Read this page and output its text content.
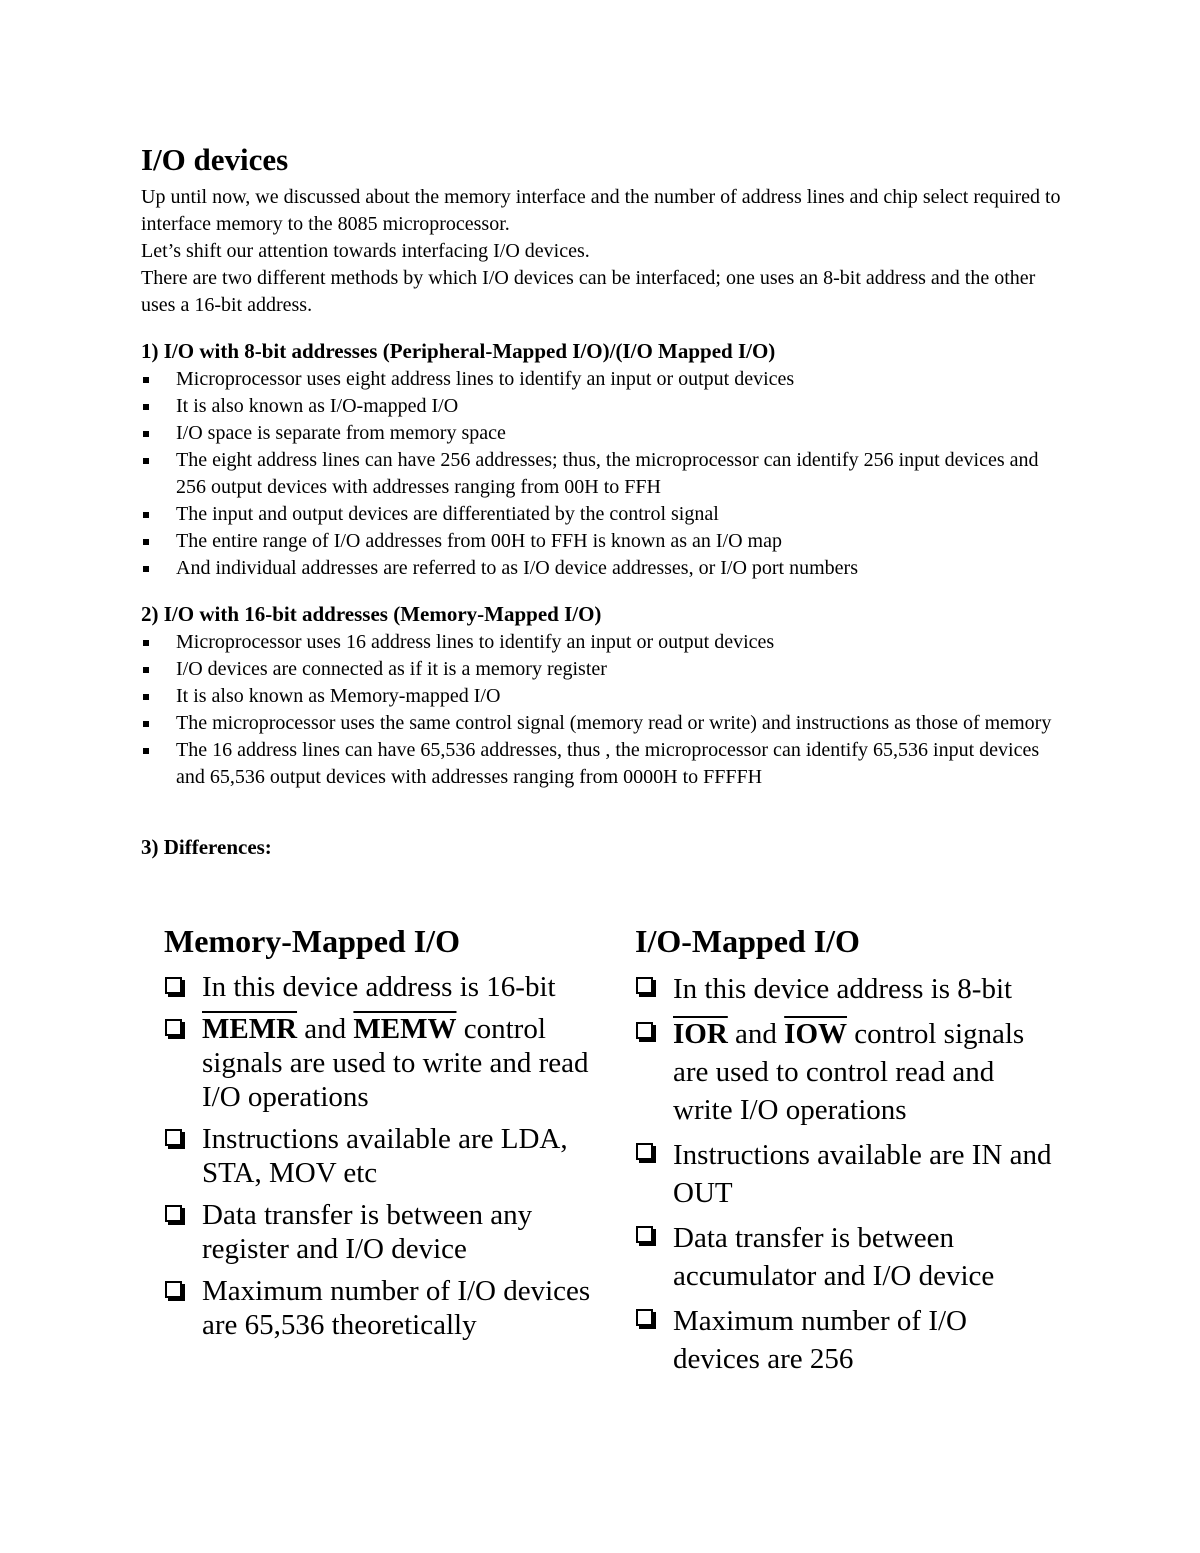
I/O devices

Up until now, we discussed about the memory interface and the number of address lines and chip select required to interface memory to the 8085 microprocessor.

Let’s shift our attention towards interfacing I/O devices.

There are two different methods by which I/O devices can be interfaced; one uses an 8-bit address and the other uses a 16-bit address.

1) I/O with 8-bit addresses (Peripheral-Mapped I/O)/(I/O Mapped I/O)
Microprocessor uses eight address lines to identify an input or output devices
It is also known as I/O-mapped I/O
I/O space is separate from memory space
The eight address lines can have 256 addresses; thus, the microprocessor can identify 256 input devices and 256 output devices with addresses ranging from 00H to FFH
The input and output devices are differentiated by the control signal
The entire range of I/O addresses from 00H to FFH is known as an I/O map
And individual addresses are referred to as I/O device addresses, or I/O port numbers
2) I/O with 16-bit addresses (Memory-Mapped I/O)
Microprocessor uses 16 address lines to identify an input or output devices
I/O devices are connected as if it is a memory register
It is also known as Memory-mapped I/O
The microprocessor uses the same control signal (memory read or write) and instructions as those of memory
The 16 address lines can have 65,536 addresses, thus , the microprocessor can identify 65,536 input devices and 65,536 output devices with addresses ranging from 0000H to FFFFH
3) Differences:
Memory-Mapped I/O
In this device address is 16-bit
MEMR and MEMW control signals are used to write and read I/O operations
Instructions available are LDA, STA, MOV etc
Data transfer is between any register and I/O device
Maximum number of I/O devices are 65,536 theoretically
I/O-Mapped I/O
In this device address is 8-bit
$\overline{IOR}$ and $\overline{IOW}$ control signals are used to control read and write I/O operations
Instructions available are IN and OUT
Data transfer is between accumulator and I/O device
Maximum number of I/O devices are 256
